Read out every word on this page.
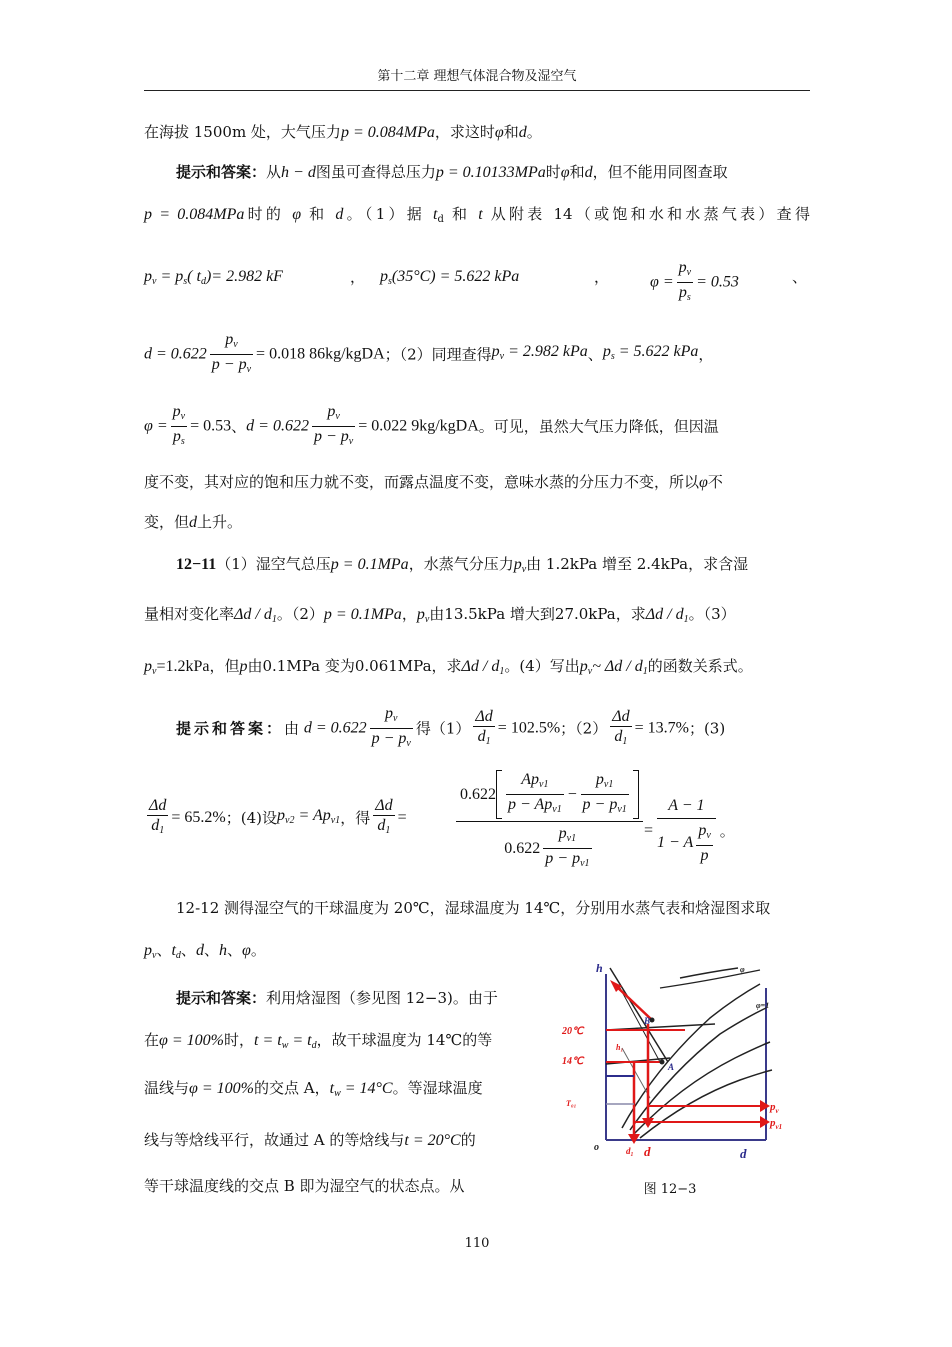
第十二章 理想气体混合物及湿空气
在海拔 1500m 处，大气压力p = 0.084MPa，求这时φ和d。
提示和答案：从h − d图虽可查得总压力p = 0.10133MPa时φ和d，但不能用同图查取
p = 0.084MPa时的 φ 和 d。（1）据 $t_d$ 和 t 从附表 14（或饱和水和水蒸气表）查得
$p_v = p_s$( $t_d)= 2.982$ kF	， $p_s(35^\circ C) = 5.622$ kPa	，	$\varphi = \frac{p_v}{p_s} = 0.53$	、
$d = 0.622 \frac{p_v}{p - p_v} = 0.018$ 86kg/kgDA；（2）同理查得$p_v = 2.982$ kPa、$p_s = 5.622$ kPa，
$\varphi = \frac{p_v}{p_s} = 0.53$、$d = 0.622 \frac{p_v}{p - p_v} = 0.022$ 9kg/kgDA。可见，虽然大气压力降低，但因温
度不变，其对应的饱和压力就不变，而露点温度不变，意味水蒸的分压力不变，所以φ不
变，但d上升。
12−11（1）湿空气总压p = 0.1MPa，水蒸气分压力$p_v$由 1.2kPa 增至 2.4kPa，求含湿
量相对变化率Δd / $d_1$。（2）p = 0.1MPa，$p_v$由13.5kPa 增大到27.0kPa，求Δd / $d_1$。（3）
$p_v=1.2kPa$，但p由0.1MPa 变为0.061MPa，求Δd / $d_1$。(4）写出$p_v\sim$ Δd / $d_1$的函数关系式。
提示和答案：由 $d = 0.622 \frac{p_v}{p - p_v}$ 得$(1) \frac{\Delta d}{d_1} = 102.5\%$；$(2) \frac{\Delta d}{d_1} = 13.7\%$；(3)
$\frac{\Delta d}{d_1} = 65.2\%$ ；(4)设 $p_{v2} = Ap_{v1}$ ，得 $\frac{\Delta d}{d_1}$ =
$0.622 \frac{Ap_{v1}}{p - Ap_{v1}} - \frac{p_{v1}}{p - p_{v1}}$
$0.622 \frac{p_{v1}}{p - p_{v1}}$	= $\frac{A - 1}{1 - A \frac{p_v}{p}}$ 。
12-12 测得湿空气的干球温度为 20℃，湿球温度为 14℃，分别用水蒸气表和焓湿图求取
$p_v$、$t_d$、d、h、φ。
提示和答案：利用焓湿图（参见图 12−3)。由于
在φ = 100%时，$t = t_w = t_d$，故干球温度为 14℃的等
温线与φ = 100%的交点 A，$t_w = 14^\circ C$。等湿球温度
线与等焓线平行，故通过 A 的等焓线与t = 20°C的
等干球温度线的交点 B 即为湿空气的状态点。从
h	φ
φ=1
B
A
h₁
20℃
14℃
T₀₁	$p_v$
$p_{v1}$
o	d₁ d	d
图 12−3
110
